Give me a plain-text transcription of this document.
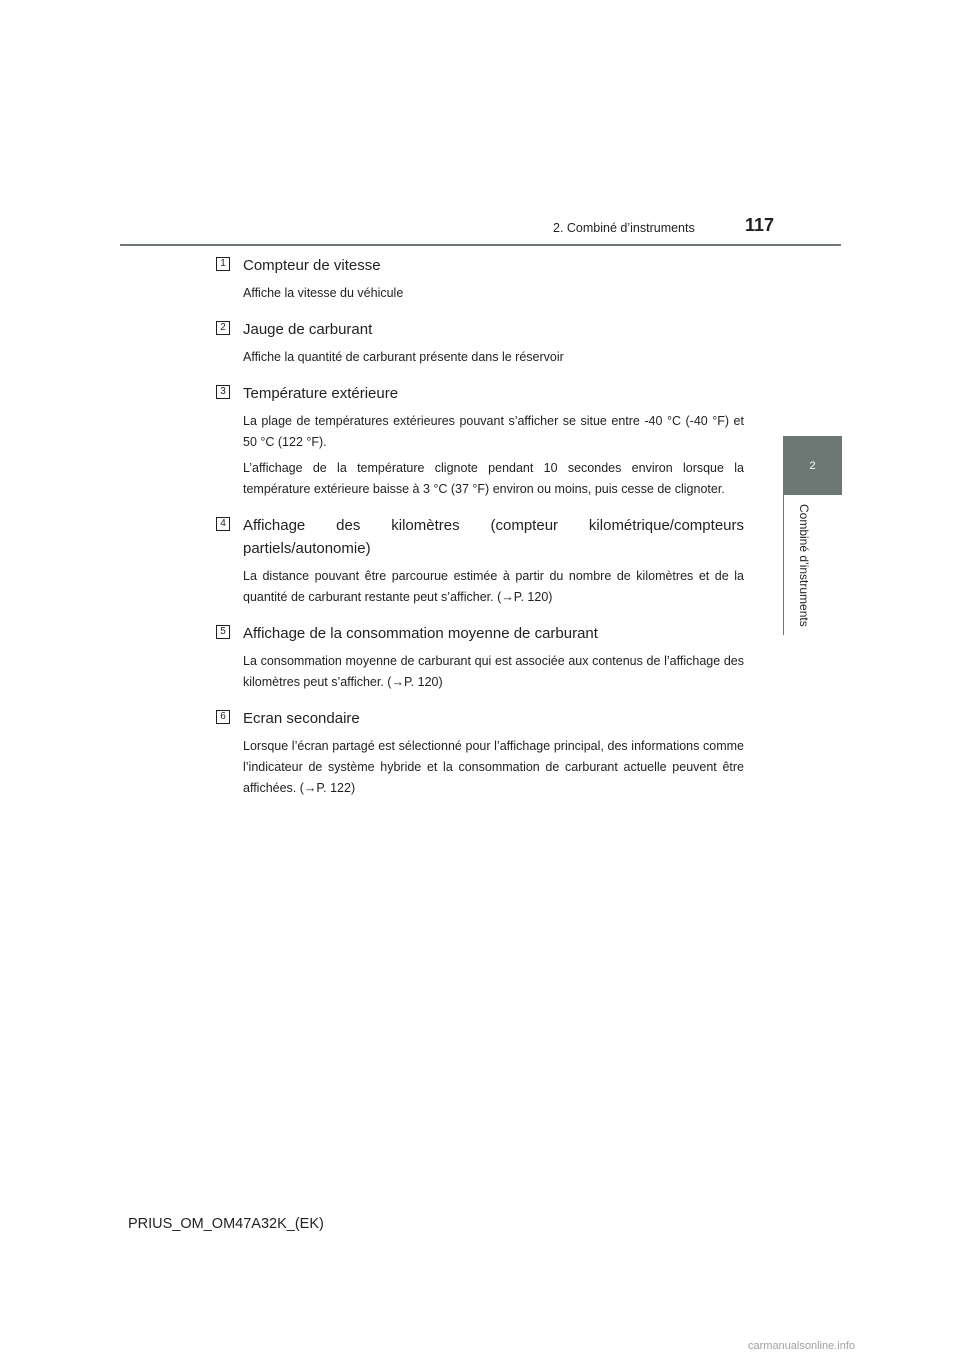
2. Combiné d’instruments	117
2
Combiné d’instruments
1 Compteur de vitesse

Affiche la vitesse du véhicule

2 Jauge de carburant

Affiche la quantité de carburant présente dans le réservoir

3 Température extérieure

La plage de températures extérieures pouvant s’afficher se situe entre -40 °C (-40 °F) et 50 °C (122 °F).

L’affichage de la température clignote pendant 10 secondes environ lorsque la température extérieure baisse à 3 °C (37 °F) environ ou moins, puis cesse de clignoter.

4 Affichage des kilomètres (compteur kilométrique/compteurs partiels/autonomie)

La distance pouvant être parcourue estimée à partir du nombre de kilomètres et de la quantité de carburant restante peut s’afficher. (→P. 120)

5 Affichage de la consommation moyenne de carburant

La consommation moyenne de carburant qui est associée aux contenus de l’affichage des kilomètres peut s’afficher. (→P. 120)

6 Ecran secondaire

Lorsque l’écran partagé est sélectionné pour l’affichage principal, des informations comme l’indicateur de système hybride et la consommation de carburant actuelle peuvent être affichées. (→P. 122)

PRIUS_OM_OM47A32K_(EK)
carmanualsonline.info
